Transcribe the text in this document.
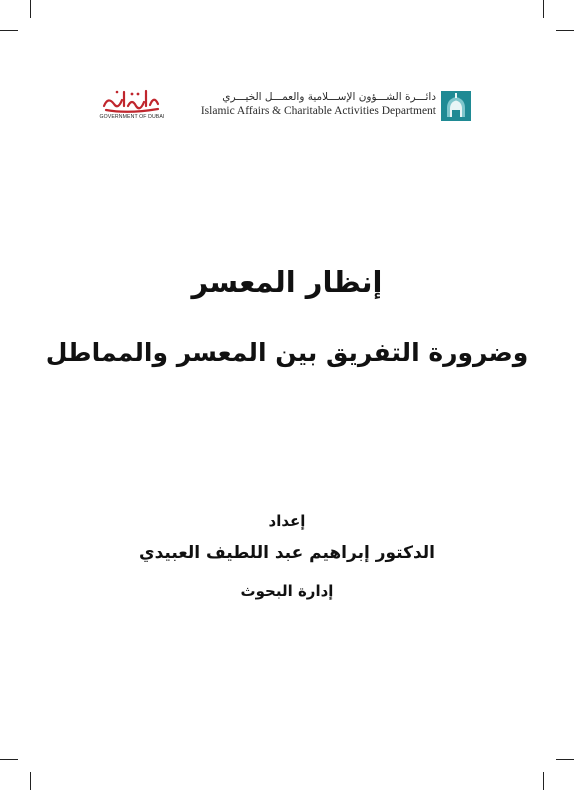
GOVERNMENT OF DUBAI
دائـــرة الشـــؤون الإســـلامية والعمـــل الخيـــري
Islamic Affairs & Charitable Activities Department
إنظار المعسر
وضرورة التفريق بين المعسر والمماطل
إعداد
الدكتور إبراهيم عبد اللطيف العبيدي
إدارة البحوث
